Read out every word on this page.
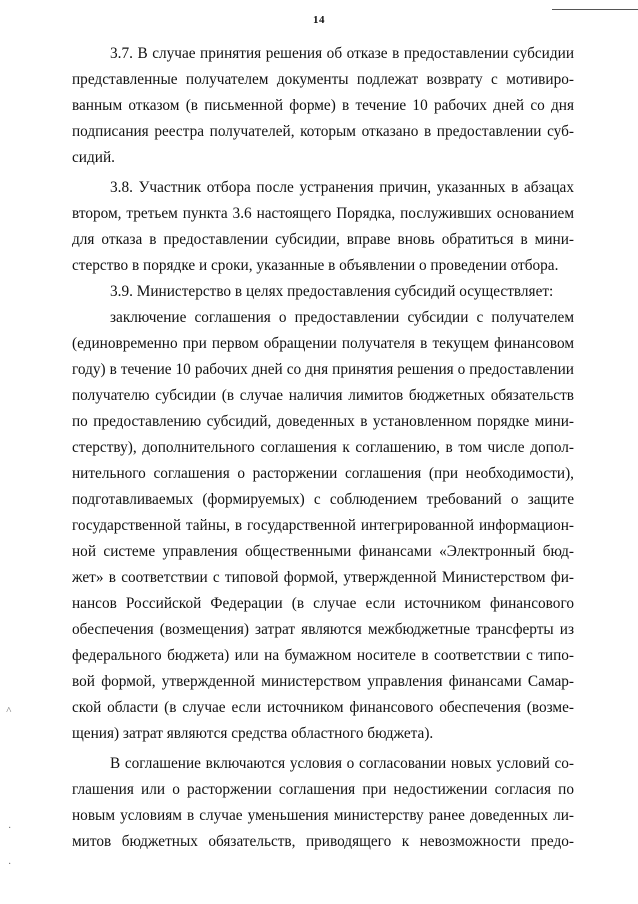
14
3.7. В случае принятия решения об отказе в предоставлении субсидии
представленные получателем документы подлежат возврату с мотивиро-
ванным отказом (в письменной форме) в течение 10 рабочих дней со дня
подписания реестра получателей, которым отказано в предоставлении суб-
сидий.
3.8. Участник отбора после устранения причин, указанных в абзацах
втором, третьем пункта 3.6 настоящего Порядка, послуживших основанием
для отказа в предоставлении субсидии, вправе вновь обратиться в мини-
стерство в порядке и сроки, указанные в объявлении о проведении отбора.
3.9. Министерство в целях предоставления субсидий осуществляет:
заключение соглашения о предоставлении субсидии с получателем
(единовременно при первом обращении получателя в текущем финансовом
году) в течение 10 рабочих дней со дня принятия решения о предоставлении
получателю субсидии (в случае наличия лимитов бюджетных обязательств
по предоставлению субсидий, доведенных в установленном порядке мини-
стерству), дополнительного соглашения к соглашению, в том числе допол-
нительного соглашения о расторжении соглашения (при необходимости),
подготавливаемых (формируемых) с соблюдением требований о защите
государственной тайны, в государственной интегрированной информацион-
ной системе управления общественными финансами «Электронный бюд-
жет» в соответствии с типовой формой, утвержденной Министерством фи-
нансов Российской Федерации (в случае если источником финансового
обеспечения (возмещения) затрат являются межбюджетные трансферты из
федерального бюджета) или на бумажном носителе в соответствии с типо-
вой формой, утвержденной министерством управления финансами Самар-
ской области (в случае если источником финансового обеспечения (возме-
щения) затрат являются средства областного бюджета).
В соглашение включаются условия о согласовании новых условий со-
глашения или о расторжении соглашения при недостижении согласия по
новым условиям в случае уменьшения министерству ранее доведенных ли-
митов бюджетных обязательств, приводящего к невозможности предо-
˄
·
·
